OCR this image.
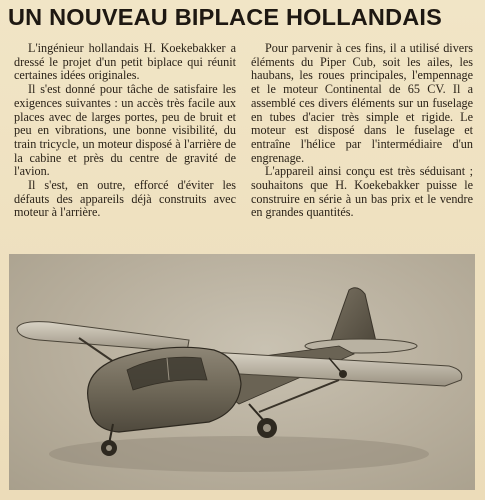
UN NOUVEAU BIPLACE HOLLANDAIS

L'ingénieur hollandais H. Koekebakker a dressé le projet d'un petit biplace qui réunit certaines idées originales.

Il s'est donné pour tâche de satisfaire les exigences suivantes : un accès très facile aux places avec de larges portes, peu de bruit et peu en vibrations, une bonne visibilité, du train tricycle, un moteur disposé à l'arrière de la cabine et près du centre de gravité de l'avion.

Il s'est, en outre, efforcé d'éviter les défauts des appareils déjà construits avec moteur à l'arrière.

Pour parvenir à ces fins, il a utilisé divers éléments du Piper Cub, soit les ailes, les haubans, les roues principales, l'empennage et le moteur Continental de 65 CV. Il a assemblé ces divers éléments sur un fuselage en tubes d'acier très simple et rigide. Le moteur est disposé dans le fuselage et entraîne l'hélice par l'intermédiaire d'un engrenage.

L'appareil ainsi conçu est très séduisant ; souhaitons que H. Koekebakker puisse le construire en série à un bas prix et le vendre en grandes quantités.
